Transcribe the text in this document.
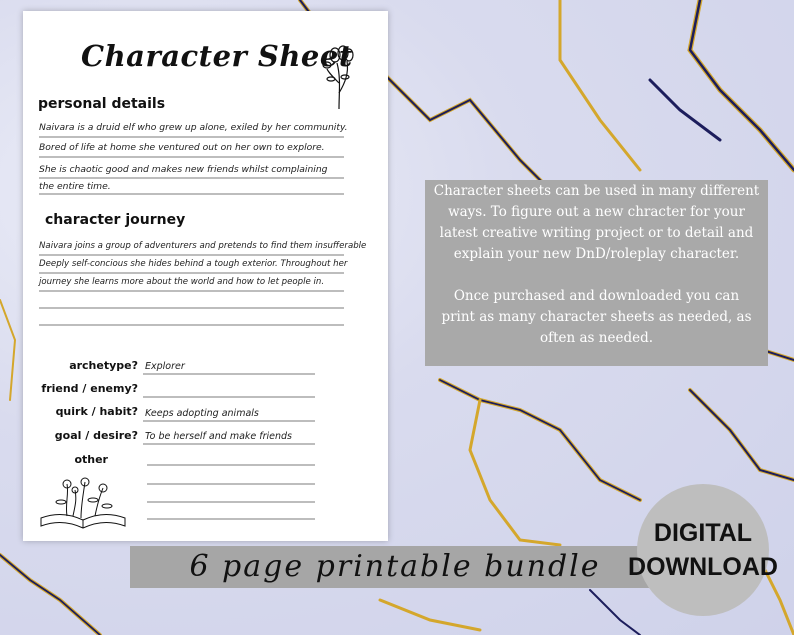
Character Sheet
personal details
Naivara is a druid elf who grew up alone, exiled by her community.
Bored of life at home she ventured out on her own to explore.
She is chaotic good and makes new friends whilst complaining
the entire time.
character journey
Naivara joins a group of adventurers and pretends to find them insufferable
Deeply self-concious she hides behind a tough exterior. Throughout her
journey she learns more about the world and how to let people in.
archetype? Explorer
friend / enemy?
quirk / habit? Keeps adopting animals
goal / desire? To be herself and make friends
other

Character sheets can be used in many different ways. To figure out a new chracter for your latest creative writing project or to detail and explain your new DnD/roleplay character.

Once purchased and downloaded you can print as many character sheets as needed, as often as needed.

6 page printable bundle
DIGITAL
DOWNLOAD
